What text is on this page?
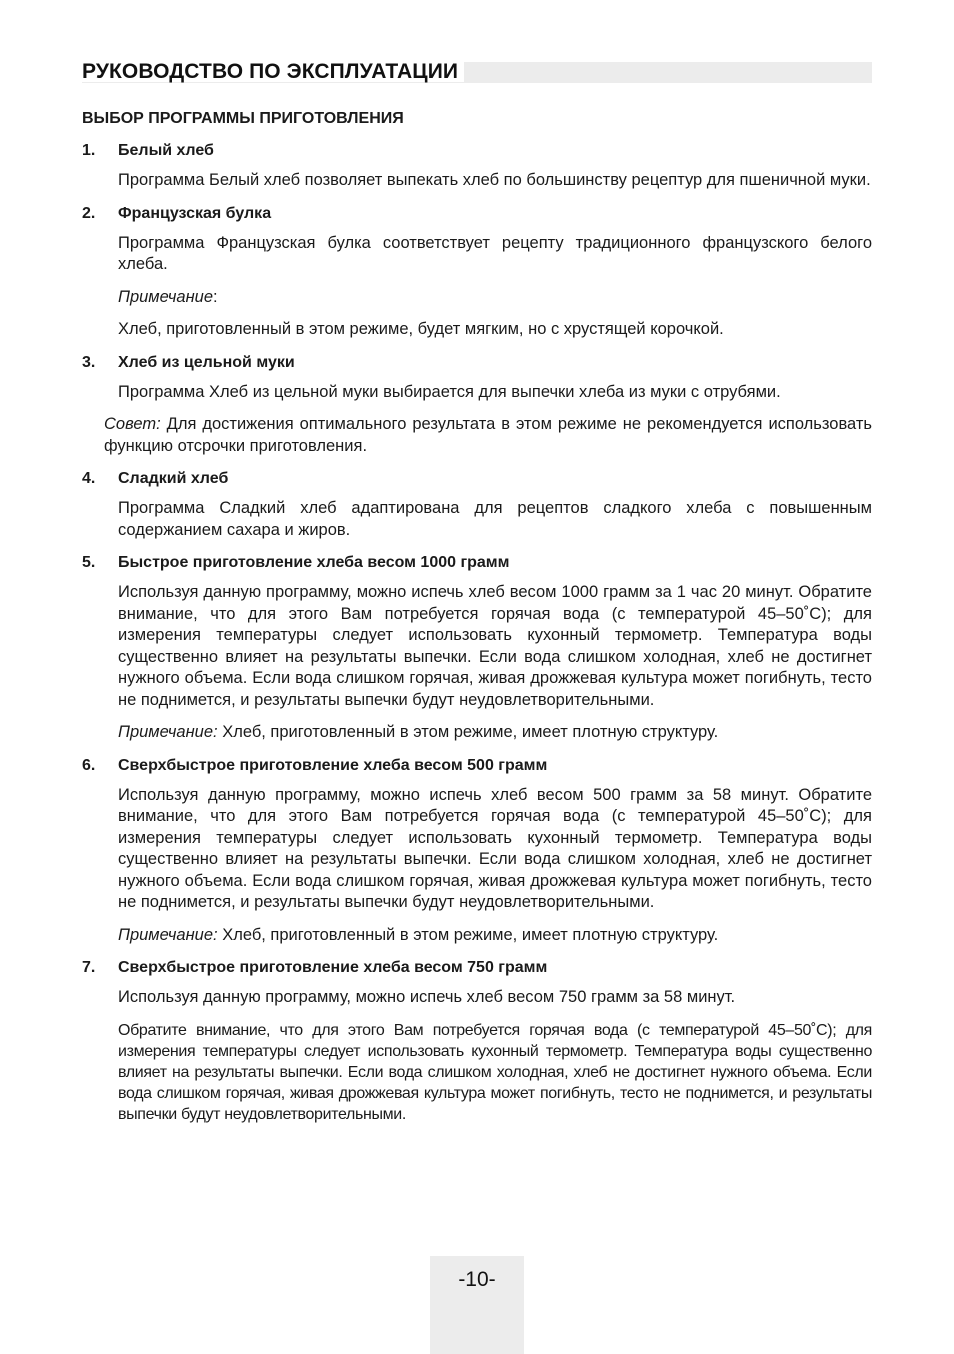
РУКОВОДСТВО ПО ЭКСПЛУАТАЦИИ
ВЫБОР ПРОГРАММЫ ПРИГОТОВЛЕНИЯ
1.	Белый хлеб

Программа Белый хлеб позволяет выпекать хлеб по большинству рецептур для пшеничной муки.

2.	Французская булка

Программа Французская булка соответствует рецепту традиционного французского белого хлеба.

Примечание:

Хлеб, приготовленный в этом режиме, будет мягким, но с хрустящей корочкой.

3.	Хлеб из цельной муки

Программа Хлеб из цельной муки выбирается для выпечки хлеба из муки с отрубями.

Совет: Для достижения оптимального результата в этом режиме не рекомендуется использовать функцию отсрочки приготовления.

4.	Сладкий хлеб

Программа Сладкий хлеб адаптирована для рецептов сладкого хлеба с повышенным содержанием сахара и жиров.

5.	Быстрое приготовление хлеба весом 1000 грамм

Используя данную программу, можно испечь хлеб весом 1000 грамм за 1 час 20 минут. Обратите внимание, что для этого Вам потребуется горячая вода (с температурой 45–50˚C); для измерения температуры следует использовать кухонный термометр. Температура воды существенно влияет на результаты выпечки. Если вода слишком холодная, хлеб не достигнет нужного объема. Если вода слишком горячая, живая дрожжевая культура может погибнуть, тесто не поднимется, и результаты выпечки будут неудовлетворительными.

Примечание: Хлеб, приготовленный в этом режиме, имеет плотную структуру.

6.	Сверхбыстрое приготовление хлеба весом 500 грамм

Используя данную программу, можно испечь хлеб весом 500 грамм за 58 минут. Обратите внимание, что для этого Вам потребуется горячая вода (с температурой 45–50˚C); для измерения температуры следует использовать кухонный термометр. Температура воды существенно влияет на результаты выпечки. Если вода слишком холодная, хлеб не достигнет нужного объема. Если вода слишком горячая, живая дрожжевая культура может погибнуть, тесто не поднимется, и результаты выпечки будут неудовлетворительными.

Примечание: Хлеб, приготовленный в этом режиме, имеет плотную структуру.

7.	Сверхбыстрое приготовление хлеба весом 750 грамм

Используя данную программу, можно испечь хлеб весом 750 грамм за 58 минут.

Обратите внимание, что для этого Вам потребуется горячая вода (с температурой 45–50˚C); для измерения температуры следует использовать кухонный термометр. Температура воды существенно влияет на результаты выпечки. Если вода слишком холодная, хлеб не достигнет нужного объема. Если вода слишком горячая, живая дрожжевая культура может погибнуть, тесто не поднимется, и результаты выпечки будут неудовлетворительными.

-10-
